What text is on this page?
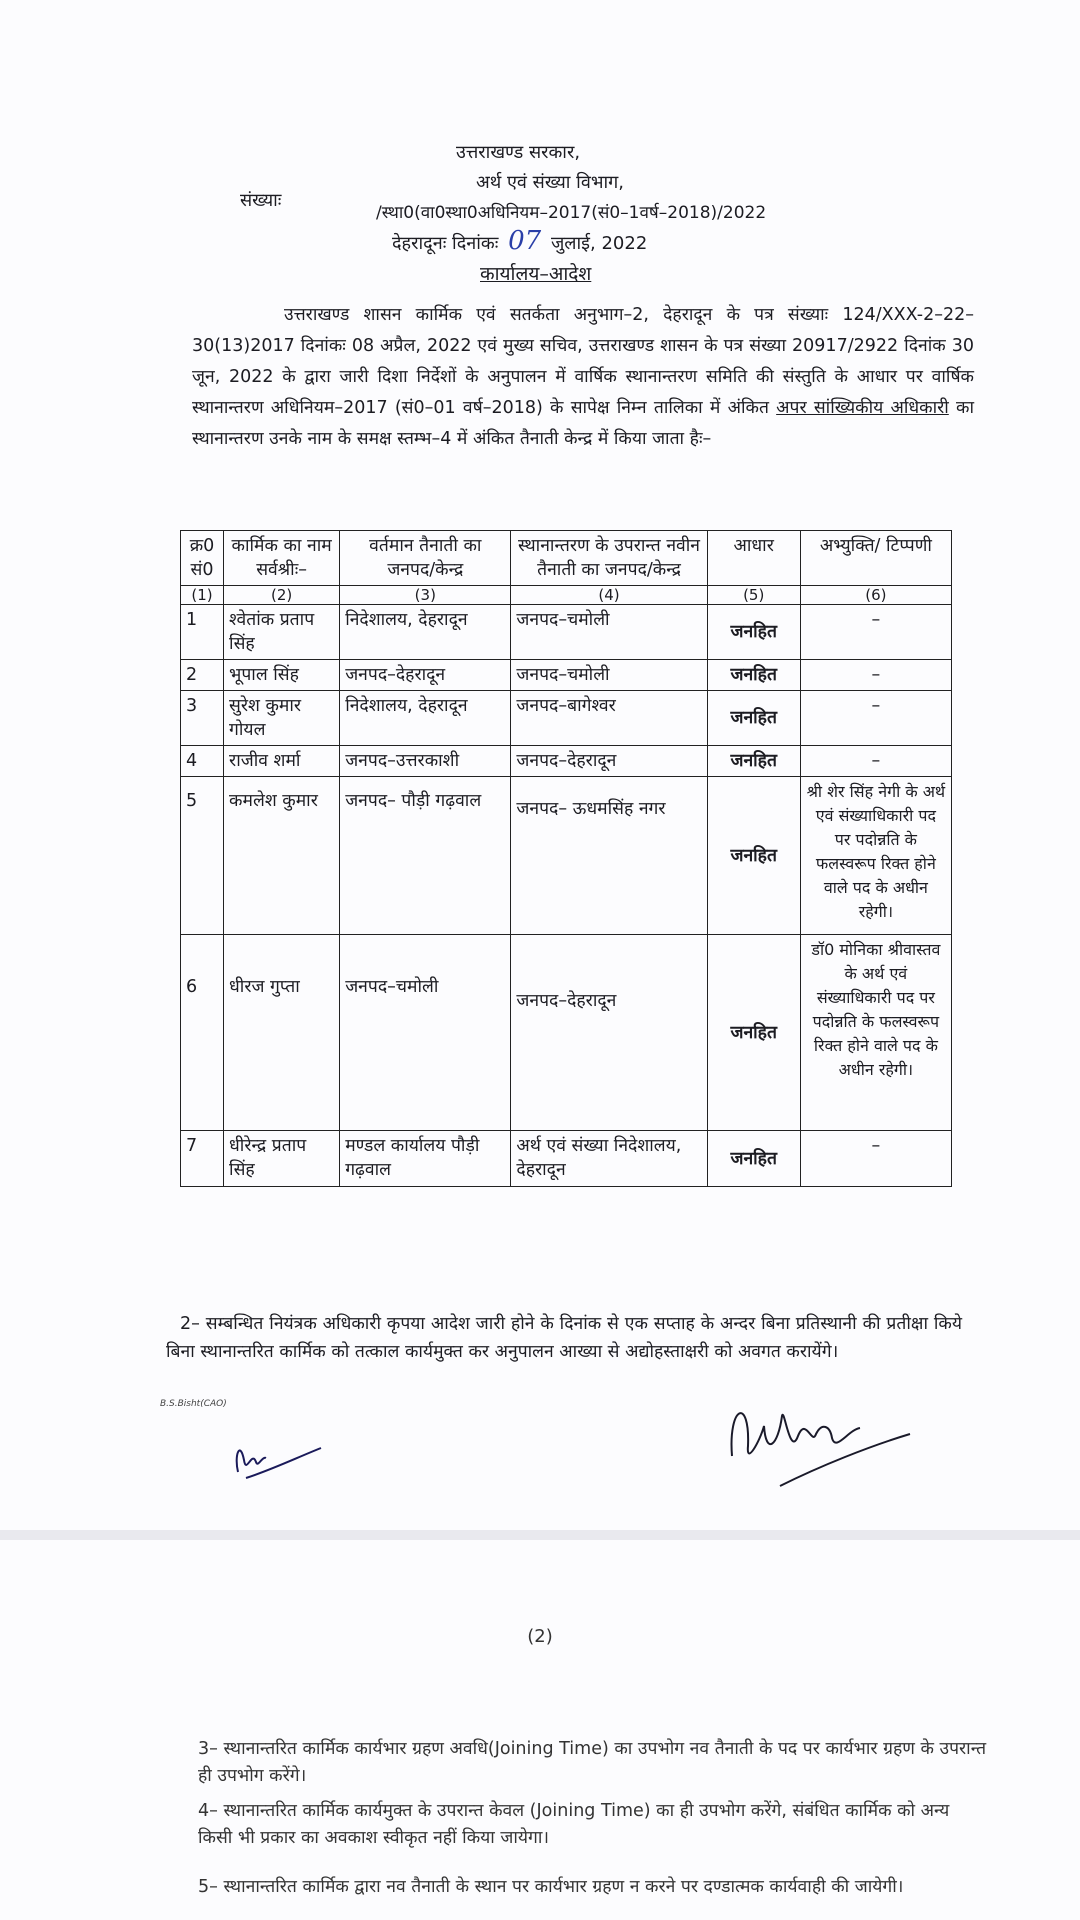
उत्तराखण्ड सरकार,
अर्थ एवं संख्या विभाग,
संख्याः
/स्था0(वा0स्था0अधिनियम–2017(सं0–1वर्ष–2018)/2022
देहरादूनः दिनांकः 07 जुलाई, 2022
कार्यालय–आदेश
उत्तराखण्ड शासन कार्मिक एवं सतर्कता अनुभाग–2, देहरादून के पत्र संख्याः 124/XXX-2–22–30(13)2017 दिनांकः 08 अप्रैल, 2022 एवं मुख्य सचिव, उत्तराखण्ड शासन के पत्र संख्या 20917/2922 दिनांक 30 जून, 2022 के द्वारा जारी दिशा निर्देशों के अनुपालन में वार्षिक स्थानान्तरण समिति की संस्तुति के आधार पर वार्षिक स्थानान्तरण अधिनियम–2017 (सं0–01 वर्ष–2018) के सापेक्ष निम्न तालिका में अंकित अपर सांख्यिकीय अधिकारी का स्थानान्तरण उनके नाम के समक्ष स्तम्भ–4 में अंकित तैनाती केन्द्र में किया जाता हैः–
क्र0 सं0	कार्मिक का नाम सर्वश्रीः–	वर्तमान तैनाती का जनपद/केन्द्र	स्थानान्तरण के उपरान्त नवीन तैनाती का जनपद/केन्द्र	आधार	अभ्युक्ति/ टिप्पणी
(1)	(2)	(3)	(4)	(5)	(6)
1	श्वेतांक प्रताप सिंह	निदेशालय, देहरादून	जनपद–चमोली	जनहित	–
2	भूपाल सिंह	जनपद–देहरादून	जनपद–चमोली	जनहित	–
3	सुरेश कुमार गोयल	निदेशालय, देहरादून	जनपद–बागेश्वर	जनहित	–
4	राजीव शर्मा	जनपद–उत्तरकाशी	जनपद–देहरादून	जनहित	–
5	कमलेश कुमार	जनपद– पौड़ी गढ़वाल	जनपद– ऊधमसिंह नगर	जनहित	श्री शेर सिंह नेगी के अर्थ एवं संख्याधिकारी पद पर पदोन्नति के फलस्वरूप रिक्त होने वाले पद के अधीन रहेगी।
6	धीरज गुप्ता	जनपद–चमोली	जनपद–देहरादून	जनहित	डॉ0 मोनिका श्रीवास्तव के अर्थ एवं संख्याधिकारी पद पर पदोन्नति के फलस्वरूप रिक्त होने वाले पद के अधीन रहेगी।
7	धीरेन्द्र प्रताप सिंह	मण्डल कार्यालय पौड़ी गढ़वाल	अर्थ एवं संख्या निदेशालय, देहरादून	जनहित	–
2– सम्बन्धित नियंत्रक अधिकारी कृपया आदेश जारी होने के दिनांक से एक सप्ताह के अन्दर बिना प्रतिस्थानी की प्रतीक्षा किये बिना स्थानान्तरित कार्मिक को तत्काल कार्यमुक्त कर अनुपालन आख्या से अद्योहस्ताक्षरी को अवगत करायेंगे।
B.S.Bisht(CAO)
(2)
3– स्थानान्तरित कार्मिक कार्यभार ग्रहण अवधि(Joining Time) का उपभोग नव तैनाती के पद पर कार्यभार ग्रहण के उपरान्त ही उपभोग करेंगे।
4– स्थानान्तरित कार्मिक कार्यमुक्त के उपरान्त केवल (Joining Time) का ही उपभोग करेंगे, संबंधित कार्मिक को अन्य किसी भी प्रकार का अवकाश स्वीकृत नहीं किया जायेगा।
5– स्थानान्तरित कार्मिक द्वारा नव तैनाती के स्थान पर कार्यभार ग्रहण न करने पर दण्डात्मक कार्यवाही की जायेगी।
